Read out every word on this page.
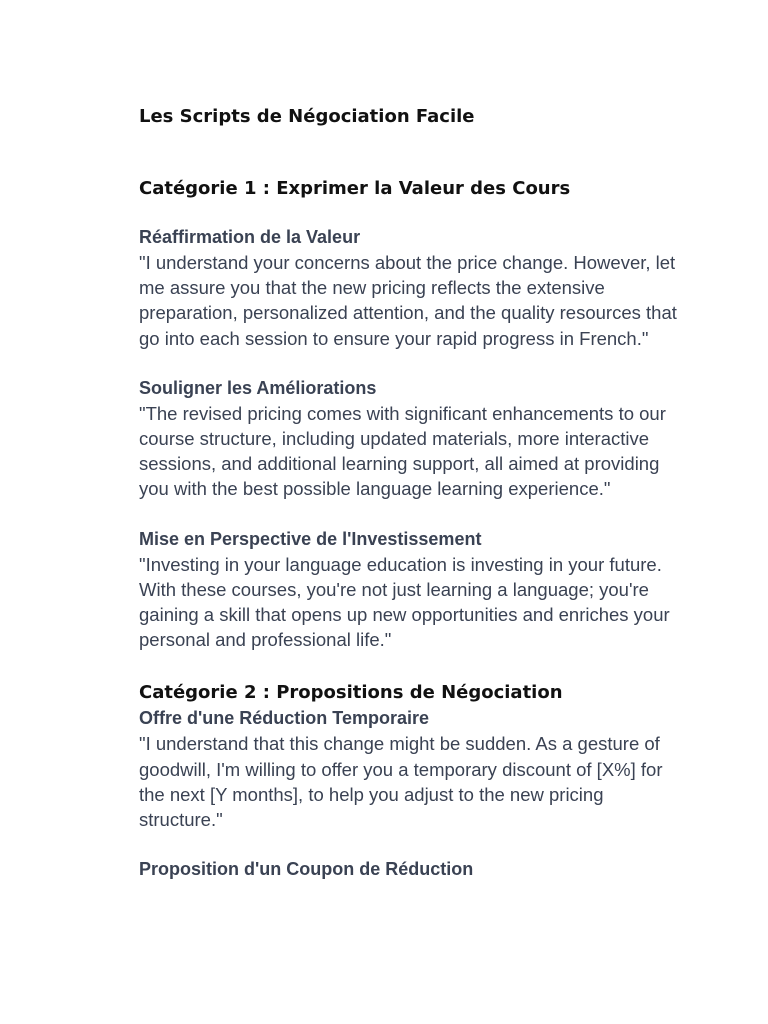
Les Scripts de Négociation Facile
Catégorie 1 : Exprimer la Valeur des Cours
Réaffirmation de la Valeur

"I understand your concerns about the price change. However, let me assure you that the new pricing reflects the extensive preparation, personalized attention, and the quality resources that go into each session to ensure your rapid progress in French."

Souligner les Améliorations

"The revised pricing comes with significant enhancements to our course structure, including updated materials, more interactive sessions, and additional learning support, all aimed at providing you with the best possible language learning experience."

Mise en Perspective de l'Investissement

"Investing in your language education is investing in your future. With these courses, you're not just learning a language; you're gaining a skill that opens up new opportunities and enriches your personal and professional life."

Catégorie 2 : Propositions de Négociation
Offre d'une Réduction Temporaire

"I understand that this change might be sudden. As a gesture of goodwill, I'm willing to offer you a temporary discount of [X%] for the next [Y months], to help you adjust to the new pricing structure."

Proposition d'un Coupon de Réduction
